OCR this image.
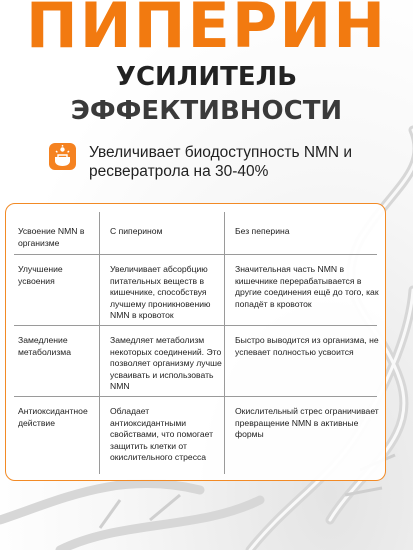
ПИПЕРИН
УСИЛИТЕЛЬ
ЭФФЕКТИВНОСТИ
Увеличивает биодоступность NMN и ресвератрола на 30-40%
Усвоение NMN в организме
С пиперином	Без пеперина
Улучшение усвоения
Увеличивает абсорбцию питательных веществ в кишечнике, способствуя лучшему проникновению NMN в кровоток
Значительная часть NMN в кишечнике перерабатывается в другие соединения ещё до того, как попадёт в кровоток
Замедление метаболизма
Замедляет метаболизм некоторых соединений. Это позволяет организму лучше усваивать и использовать NMN
Быстро выводится из организма, не успевает полностью усвоится
Антиоксидантное действие
Обладает антиоксидантными свойствами, что помогает защитить клетки от окислительного стресса
Окислительный стрес ограничивает превращение NMN в активные формы
